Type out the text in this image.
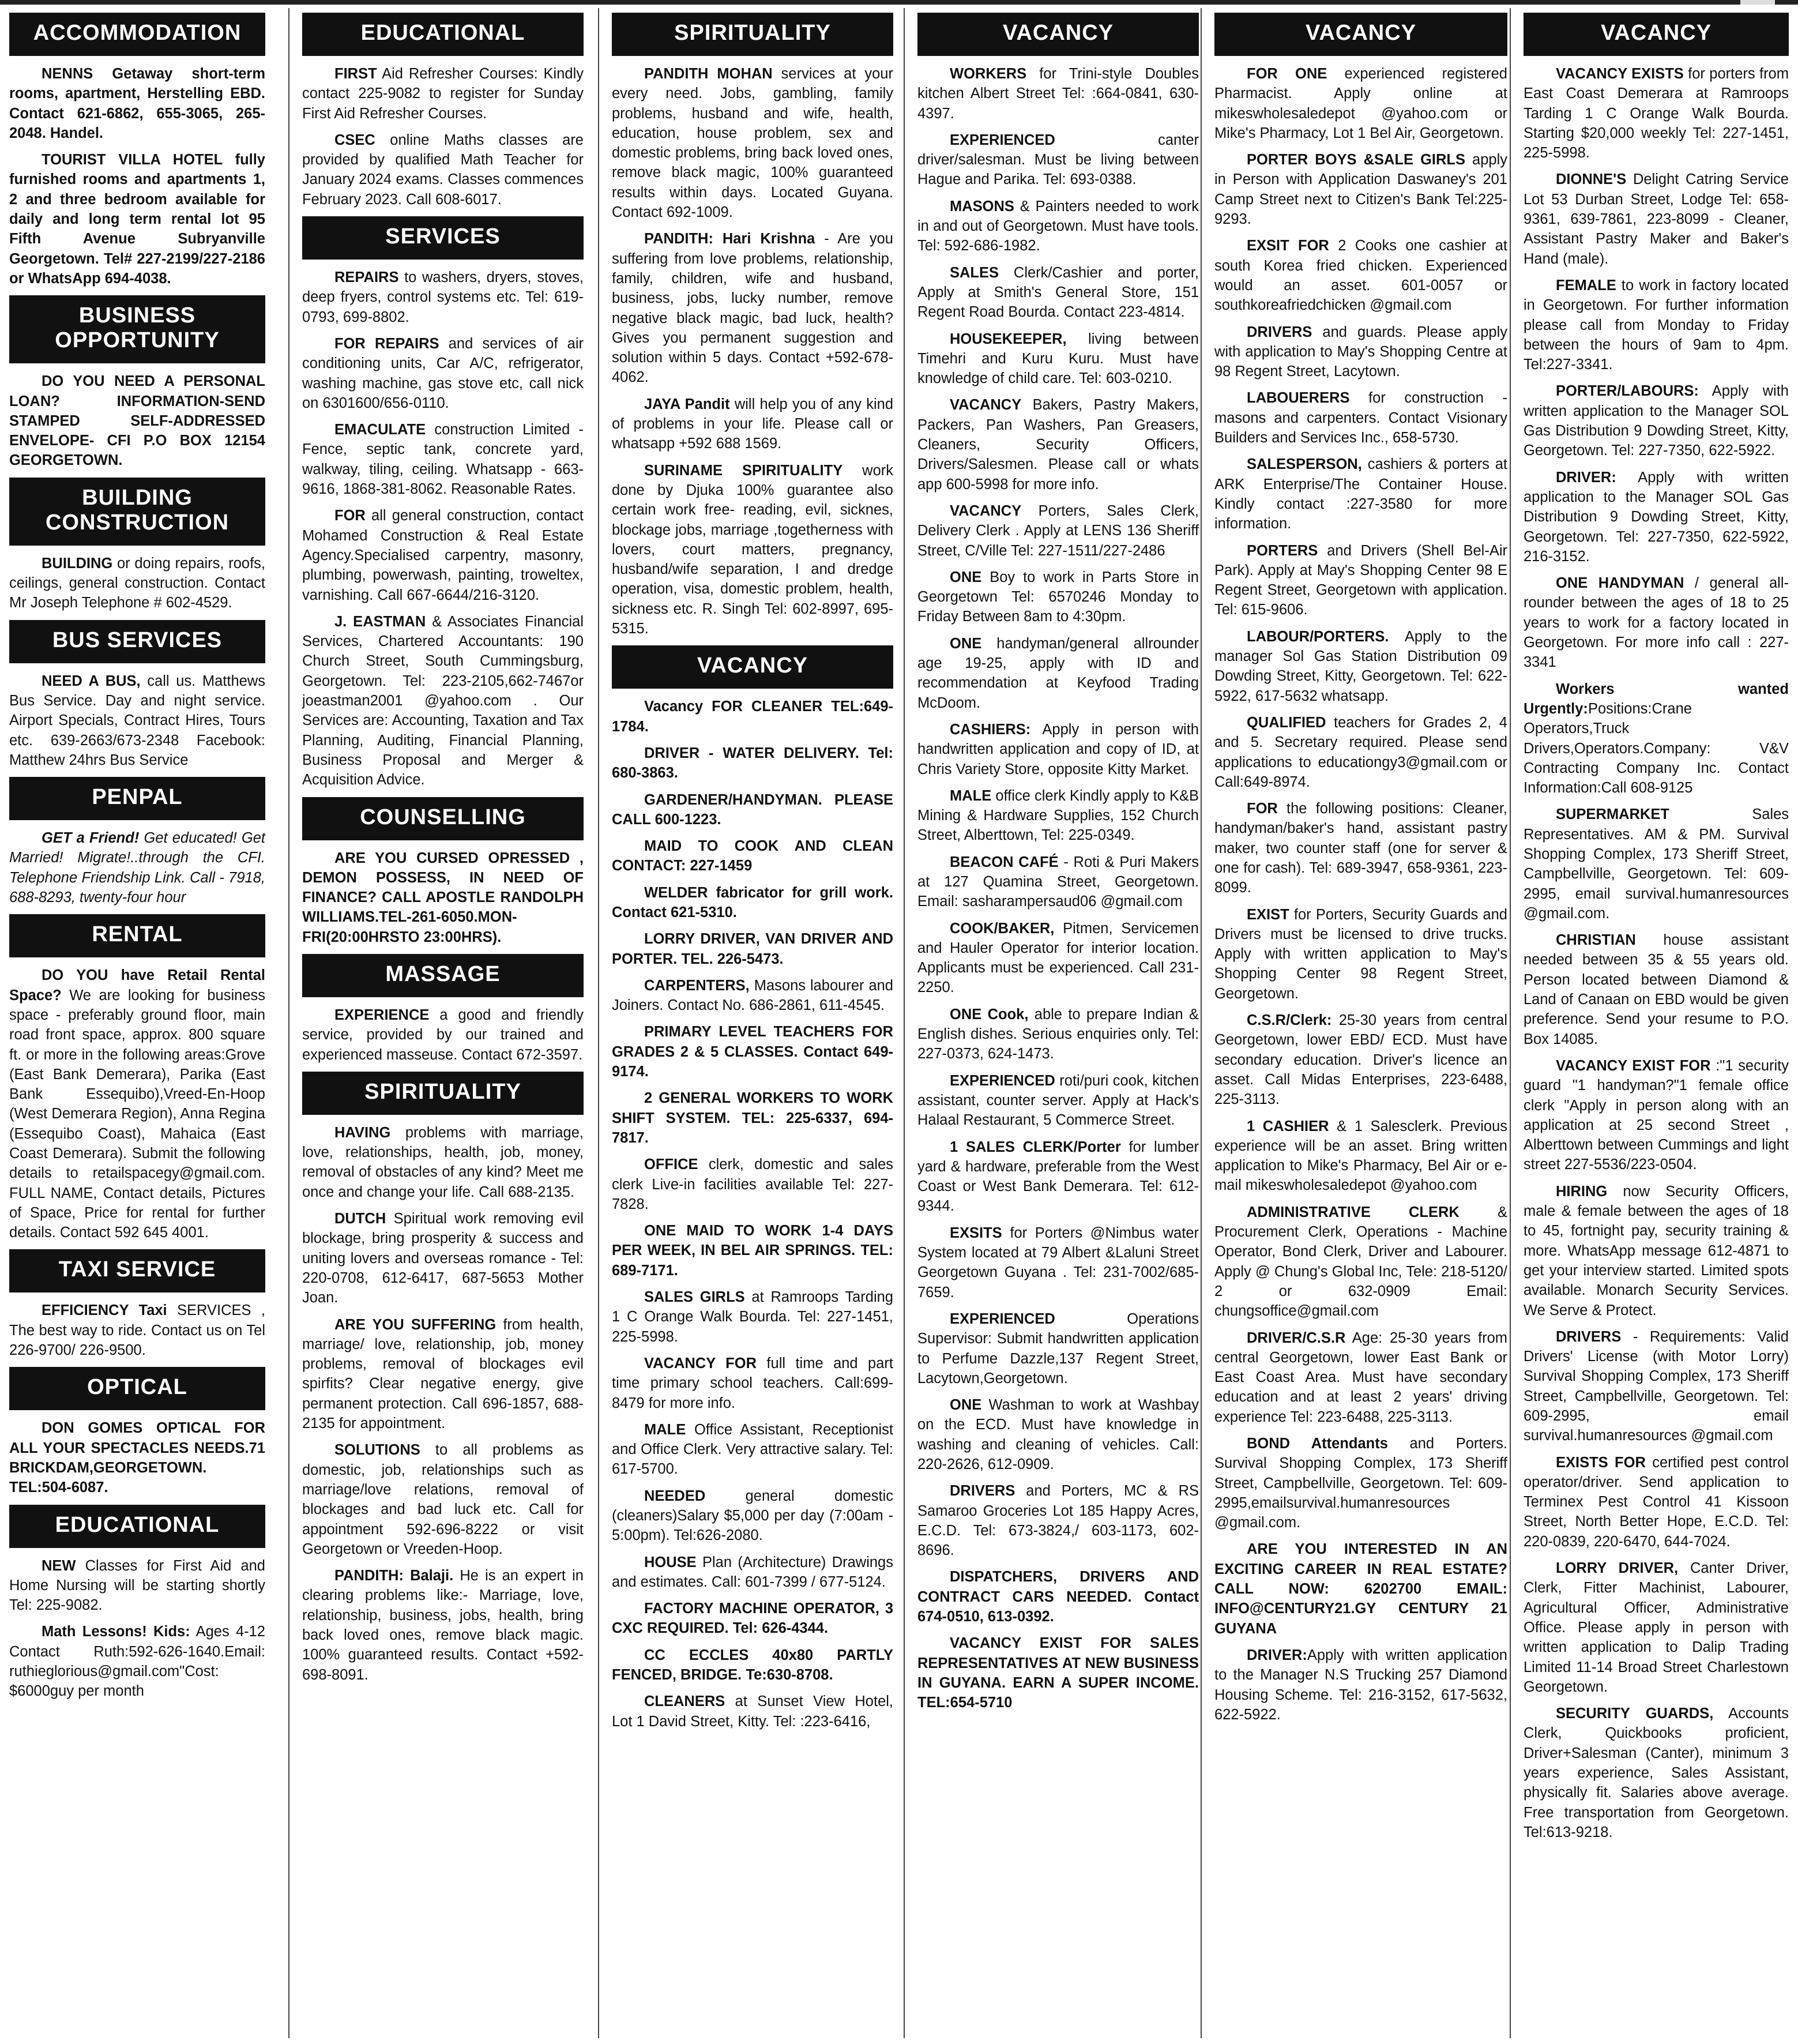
ACCOMMODATION

NENNS Getaway short-term rooms, apartment, Herstelling EBD. Contact 621-6862, 655-3065, 265-2048. Handel.

TOURIST VILLA HOTEL fully furnished rooms and apartments 1, 2 and three bedroom available for daily and long term rental lot 95 Fifth Avenue Subryanville Georgetown. Tel# 227-2199/227-2186 or WhatsApp 694-4038.

BUSINESS OPPORTUNITY

DO YOU NEED A PERSONAL LOAN? INFORMATION-SEND STAMPED SELF-ADDRESSED ENVELOPE- CFI P.O BOX 12154 GEORGETOWN.

BUILDING CONSTRUCTION

BUILDING or doing repairs, roofs, ceilings, general construction. Contact Mr Joseph Telephone # 602-4529.

BUS SERVICES

NEED A BUS, call us. Matthews Bus Service. Day and night service. Airport Specials, Contract Hires, Tours etc. 639-2663/673-2348 Facebook: Matthew 24hrs Bus Service

PENPAL

GET a Friend! Get educated! Get Married! Migrate!..through the CFI. Telephone Friendship Link. Call - 7918, 688-8293, twenty-four hour

RENTAL

DO YOU have Retail Rental Space? We are looking for business space - preferably ground floor, main road front space, approx. 800 square ft. or more in the following areas:Grove (East Bank Demerara), Parika (East Bank Essequibo),Vreed-En-Hoop (West Demerara Region), Anna Regina (Essequibo Coast), Mahaica (East Coast Demerara). Submit the following details to retailspacegy@gmail.com. FULL NAME, Contact details, Pictures of Space, Price for rental for further details. Contact 592 645 4001.

TAXI SERVICE

EFFICIENCY Taxi SERVICES , The best way to ride. Contact us on Tel 226-9700/ 226-9500.

OPTICAL

DON GOMES OPTICAL FOR ALL YOUR SPECTACLES NEEDS.71 BRICKDAM,GEORGETOWN. TEL:504-6087.

EDUCATIONAL

NEW Classes for First Aid and Home Nursing will be starting shortly Tel: 225-9082.

Math Lessons! Kids: Ages 4-12 Contact Ruth:592-626-1640.Email: ruthieglorious@gmail.com"Cost: $6000guy per month

EDUCATIONAL

FIRST Aid Refresher Courses: Kindly contact 225-9082 to register for Sunday First Aid Refresher Courses.

CSEC online Maths classes are provided by qualified Math Teacher for January 2024 exams. Classes commences February 2023. Call 608-6017.

SERVICES

REPAIRS to washers, dryers, stoves, deep fryers, control systems etc. Tel: 619-0793, 699-8802.

FOR REPAIRS and services of air conditioning units, Car A/C, refrigerator, washing machine, gas stove etc, call nick on 6301600/656-0110.

EMACULATE construction Limited - Fence, septic tank, concrete yard, walkway, tiling, ceiling. Whatsapp - 663-9616, 1868-381-8062. Reasonable Rates.

FOR all general construction, contact Mohamed Construction & Real Estate Agency.Specialised carpentry, masonry, plumbing, powerwash, painting, troweltex, varnishing. Call 667-6644/216-3120.

J. EASTMAN & Associates Financial Services, Chartered Accountants: 190 Church Street, South Cummingsburg, Georgetown. Tel: 223-2105,662-7467or joeastman2001 @yahoo.com . Our Services are: Accounting, Taxation and Tax Planning, Auditing, Financial Planning, Business Proposal and Merger & Acquisition Advice.

COUNSELLING

ARE YOU CURSED OPRESSED , DEMON POSSESS, IN NEED OF FINANCE? CALL APOSTLE RANDOLPH WILLIAMS.TEL-261-6050.MON-FRI(20:00HRSTO 23:00HRS).

MASSAGE

EXPERIENCE a good and friendly service, provided by our trained and experienced masseuse. Contact 672-3597.

SPIRITUALITY

HAVING problems with marriage, love, relationships, health, job, money, removal of obstacles of any kind? Meet me once and change your life. Call 688-2135.

DUTCH Spiritual work removing evil blockage, bring prosperity & success and uniting lovers and overseas romance - Tel: 220-0708, 612-6417, 687-5653 Mother Joan.

ARE YOU SUFFERING from health, marriage/ love, relationship, job, money problems, removal of blockages evil spirfits? Clear negative energy, give permanent protection. Call 696-1857, 688-2135 for appointment.

SOLUTIONS to all problems as domestic, job, relationships such as marriage/love relations, removal of blockages and bad luck etc. Call for appointment 592-696-8222 or visit Georgetown or Vreeden-Hoop.

PANDITH: Balaji. He is an expert in clearing problems like:- Marriage, love, relationship, business, jobs, health, bring back loved ones, remove black magic. 100% guaranteed results. Contact +592-698-8091.

SPIRITUALITY

PANDITH MOHAN services at your every need. Jobs, gambling, family problems, husband and wife, health, education, house problem, sex and domestic problems, bring back loved ones, remove black magic, 100% guaranteed results within days. Located Guyana. Contact 692-1009.

PANDITH: Hari Krishna - Are you suffering from love problems, relationship, family, children, wife and husband, business, jobs, lucky number, remove negative black magic, bad luck, health? Gives you permanent suggestion and solution within 5 days. Contact +592-678-4062.

JAYA Pandit will help you of any kind of problems in your life. Please call or whatsapp +592 688 1569.

SURINAME SPIRITUALITY work done by Djuka 100% guarantee also certain work free- reading, evil, sicknes, blockage jobs, marriage ,togetherness with lovers, court matters, pregnancy, husband/wife separation, I and dredge operation, visa, domestic problem, health, sickness etc. R. Singh Tel: 602-8997, 695-5315.

VACANCY

Vacancy FOR CLEANER TEL:649-1784.

DRIVER - WATER DELIVERY. Tel: 680-3863.

GARDENER/HANDYMAN. PLEASE CALL 600-1223.

MAID TO COOK AND CLEAN CONTACT: 227-1459

WELDER fabricator for grill work. Contact 621-5310.

LORRY DRIVER, VAN DRIVER AND PORTER. TEL. 226-5473.

CARPENTERS, Masons labourer and Joiners. Contact No. 686-2861, 611-4545.

PRIMARY LEVEL TEACHERS FOR GRADES 2 & 5 CLASSES. Contact 649-9174.

2 GENERAL WORKERS TO WORK SHIFT SYSTEM. TEL: 225-6337, 694-7817.

OFFICE clerk, domestic and sales clerk Live-in facilities available Tel: 227-7828.

ONE MAID TO WORK 1-4 DAYS PER WEEK, IN BEL AIR SPRINGS. TEL: 689-7171.

SALES GIRLS at Ramroops Tarding 1 C Orange Walk Bourda. Tel: 227-1451, 225-5998.

VACANCY FOR full time and part time primary school teachers. Call:699-8479 for more info.

MALE Office Assistant, Receptionist and Office Clerk. Very attractive salary. Tel: 617-5700.

NEEDED general domestic (cleaners)Salary $5,000 per day (7:00am - 5:00pm). Tel:626-2080.

HOUSE Plan (Architecture) Drawings and estimates. Call: 601-7399 / 677-5124.

FACTORY MACHINE OPERATOR, 3 CXC REQUIRED. Tel: 626-4344.

CC ECCLES 40x80 PARTLY FENCED, BRIDGE. Te:630-8708.

CLEANERS at Sunset View Hotel, Lot 1 David Street, Kitty. Tel: :223-6416,

VACANCY

WORKERS for Trini-style Doubles kitchen Albert Street Tel: :664-0841, 630-4397.

EXPERIENCED canter driver/salesman. Must be living between Hague and Parika. Tel: 693-0388.

MASONS & Painters needed to work in and out of Georgetown. Must have tools. Tel: 592-686-1982.

SALES Clerk/Cashier and porter, Apply at Smith's General Store, 151 Regent Road Bourda. Contact 223-4814.

HOUSEKEEPER, living between Timehri and Kuru Kuru. Must have knowledge of child care. Tel: 603-0210.

VACANCY Bakers, Pastry Makers, Packers, Pan Washers, Pan Greasers, Cleaners, Security Officers, Drivers/Salesmen. Please call or whats app 600-5998 for more info.

VACANCY Porters, Sales Clerk, Delivery Clerk . Apply at LENS 136 Sheriff Street, C/Ville Tel: 227-1511/227-2486

ONE Boy to work in Parts Store in Georgetown Tel: 6570246 Monday to Friday Between 8am to 4:30pm.

ONE handyman/general allrounder age 19-25, apply with ID and recommendation at Keyfood Trading McDoom.

CASHIERS: Apply in person with handwritten application and copy of ID, at Chris Variety Store, opposite Kitty Market.

MALE office clerk Kindly apply to K&B Mining & Hardware Supplies, 152 Church Street, Alberttown, Tel: 225-0349.

BEACON CAFÉ - Roti & Puri Makers at 127 Quamina Street, Georgetown. Email: sasharampersaud06 @gmail.com

COOK/BAKER, Pitmen, Servicemen and Hauler Operator for interior location. Applicants must be experienced. Call 231-2250.

ONE Cook, able to prepare Indian & English dishes. Serious enquiries only. Tel: 227-0373, 624-1473.

EXPERIENCED roti/puri cook, kitchen assistant, counter server. Apply at Hack's Halaal Restaurant, 5 Commerce Street.

1 SALES CLERK/Porter for lumber yard & hardware, preferable from the West Coast or West Bank Demerara. Tel: 612-9344.

EXSITS for Porters @Nimbus water System located at 79 Albert &Laluni Street Georgetown Guyana . Tel: 231-7002/685-7659.

EXPERIENCED Operations Supervisor: Submit handwritten application to Perfume Dazzle,137 Regent Street, Lacytown,Georgetown.

ONE Washman to work at Washbay on the ECD. Must have knowledge in washing and cleaning of vehicles. Call: 220-2626, 612-0909.

DRIVERS and Porters, MC & RS Samaroo Groceries Lot 185 Happy Acres, E.C.D. Tel: 673-3824,/ 603-1173, 602-8696.

DISPATCHERS, DRIVERS AND CONTRACT CARS NEEDED. Contact 674-0510, 613-0392.

VACANCY EXIST FOR SALES REPRESENTATIVES AT NEW BUSINESS IN GUYANA. EARN A SUPER INCOME. TEL:654-5710

VACANCY

FOR ONE experienced registered Pharmacist. Apply online at mikeswholesaledepot @yahoo.com or Mike's Pharmacy, Lot 1 Bel Air, Georgetown.

PORTER BOYS &SALE GIRLS apply in Person with Application Daswaney's 201 Camp Street next to Citizen's Bank Tel:225-9293.

EXSIT FOR 2 Cooks one cashier at south Korea fried chicken. Experienced would an asset. 601-0057 or southkoreafriedchicken @gmail.com

DRIVERS and guards. Please apply with application to May's Shopping Centre at 98 Regent Street, Lacytown.

LABOUERERS for construction - masons and carpenters. Contact Visionary Builders and Services Inc., 658-5730.

SALESPERSON, cashiers & porters at ARK Enterprise/The Container House. Kindly contact :227-3580 for more information.

PORTERS and Drivers (Shell Bel-Air Park). Apply at May's Shopping Center 98 E Regent Street, Georgetown with application. Tel: 615-9606.

LABOUR/PORTERS. Apply to the manager Sol Gas Station Distribution 09 Dowding Street, Kitty, Georgetown. Tel: 622-5922, 617-5632 whatsapp.

QUALIFIED teachers for Grades 2, 4 and 5. Secretary required. Please send applications to educationgy3@gmail.com or Call:649-8974.

FOR the following positions: Cleaner, handyman/baker's hand, assistant pastry maker, two counter staff (one for server & one for cash). Tel: 689-3947, 658-9361, 223-8099.

EXIST for Porters, Security Guards and Drivers must be licensed to drive trucks. Apply with written application to May's Shopping Center 98 Regent Street, Georgetown.

C.S.R/Clerk: 25-30 years from central Georgetown, lower EBD/ ECD. Must have secondary education. Driver's licence an asset. Call Midas Enterprises, 223-6488, 225-3113.

1 CASHIER & 1 Salesclerk. Previous experience will be an asset. Bring written application to Mike's Pharmacy, Bel Air or e-mail mikeswholesaledepot @yahoo.com

ADMINISTRATIVE CLERK & Procurement Clerk, Operations - Machine Operator, Bond Clerk, Driver and Labourer. Apply @ Chung's Global Inc, Tele: 218-5120/ 2 or 632-0909 Email: chungsoffice@gmail.com

DRIVER/C.S.R Age: 25-30 years from central Georgetown, lower East Bank or East Coast Area. Must have secondary education and at least 2 years' driving experience Tel: 223-6488, 225-3113.

BOND Attendants and Porters. Survival Shopping Complex, 173 Sheriff Street, Campbellville, Georgetown. Tel: 609-2995,emailsurvival.humanresources @gmail.com.

ARE YOU INTERESTED IN AN EXCITING CAREER IN REAL ESTATE? CALL NOW: 6202700 EMAIL: INFO@CENTURY21.GY CENTURY 21 GUYANA

DRIVER:Apply with written application to the Manager N.S Trucking 257 Diamond Housing Scheme. Tel: 216-3152, 617-5632, 622-5922.

VACANCY

VACANCY EXISTS for porters from East Coast Demerara at Ramroops Tarding 1 C Orange Walk Bourda. Starting $20,000 weekly Tel: 227-1451, 225-5998.

DIONNE'S Delight Catring Service Lot 53 Durban Street, Lodge Tel: 658-9361, 639-7861, 223-8099 - Cleaner, Assistant Pastry Maker and Baker's Hand (male).

FEMALE to work in factory located in Georgetown. For further information please call from Monday to Friday between the hours of 9am to 4pm. Tel:227-3341.

PORTER/LABOURS: Apply with written application to the Manager SOL Gas Distribution 9 Dowding Street, Kitty, Georgetown. Tel: 227-7350, 622-5922.

DRIVER: Apply with written application to the Manager SOL Gas Distribution 9 Dowding Street, Kitty, Georgetown. Tel: 227-7350, 622-5922, 216-3152.

ONE HANDYMAN / general all-rounder between the ages of 18 to 25 years to work for a factory located in Georgetown. For more info call : 227- 3341

Workers wanted Urgently:Positions:Crane Operators,Truck Drivers,Operators.Company: V&V Contracting Company Inc. Contact Information:Call 608-9125

SUPERMARKET Sales Representatives. AM & PM. Survival Shopping Complex, 173 Sheriff Street, Campbellville, Georgetown. Tel: 609-2995, email survival.humanresources @gmail.com.

CHRISTIAN house assistant needed between 35 & 55 years old. Person located between Diamond & Land of Canaan on EBD would be given preference. Send your resume to P.O. Box 14085.

VACANCY EXIST FOR :"1 security guard "1 handyman?"1 female office clerk "Apply in person along with an application at 25 second Street , Alberttown between Cummings and light street 227-5536/223-0504.

HIRING now Security Officers, male & female between the ages of 18 to 45, fortnight pay, security training & more. WhatsApp message 612-4871 to get your interview started. Limited spots available. Monarch Security Services. We Serve & Protect.

DRIVERS - Requirements: Valid Drivers' License (with Motor Lorry) Survival Shopping Complex, 173 Sheriff Street, Campbellville, Georgetown. Tel: 609-2995, email survival.humanresources @gmail.com

EXISTS FOR certified pest control operator/driver. Send application to Terminex Pest Control 41 Kissoon Street, North Better Hope, E.C.D. Tel: 220-0839, 220-6470, 644-7024.

LORRY DRIVER, Canter Driver, Clerk, Fitter Machinist, Labourer, Agricultural Officer, Administrative Office. Please apply in person with written application to Dalip Trading Limited 11-14 Broad Street Charlestown Georgetown.

SECURITY GUARDS, Accounts Clerk, Quickbooks proficient, Driver+Salesman (Canter), minimum 3 years experience, Sales Assistant, physically fit. Salaries above average. Free transportation from Georgetown. Tel:613-9218.
